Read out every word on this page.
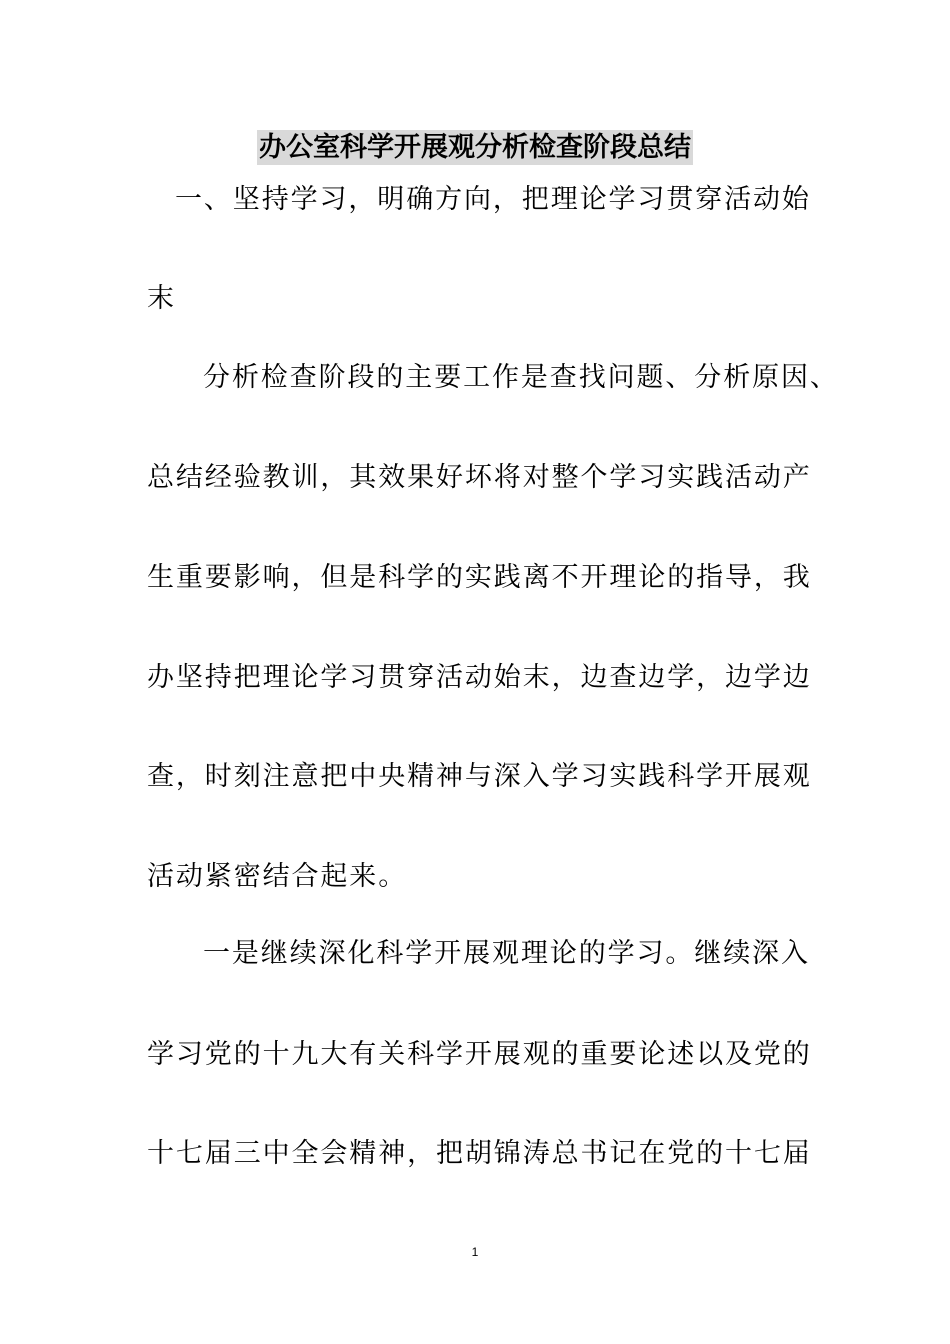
办公室科学开展观分析检查阶段总结
一、坚持学习，明确方向，把理论学习贯穿活动始
末
分析检查阶段的主要工作是查找问题、分析原因、
总结经验教训，其效果好坏将对整个学习实践活动产
生重要影响，但是科学的实践离不开理论的指导，我
办坚持把理论学习贯穿活动始末，边查边学，边学边
查，时刻注意把中央精神与深入学习实践科学开展观
活动紧密结合起来。
一是继续深化科学开展观理论的学习。继续深入
学习党的十九大有关科学开展观的重要论述以及党的
十七届三中全会精神，把胡锦涛总书记在党的十七届
1
